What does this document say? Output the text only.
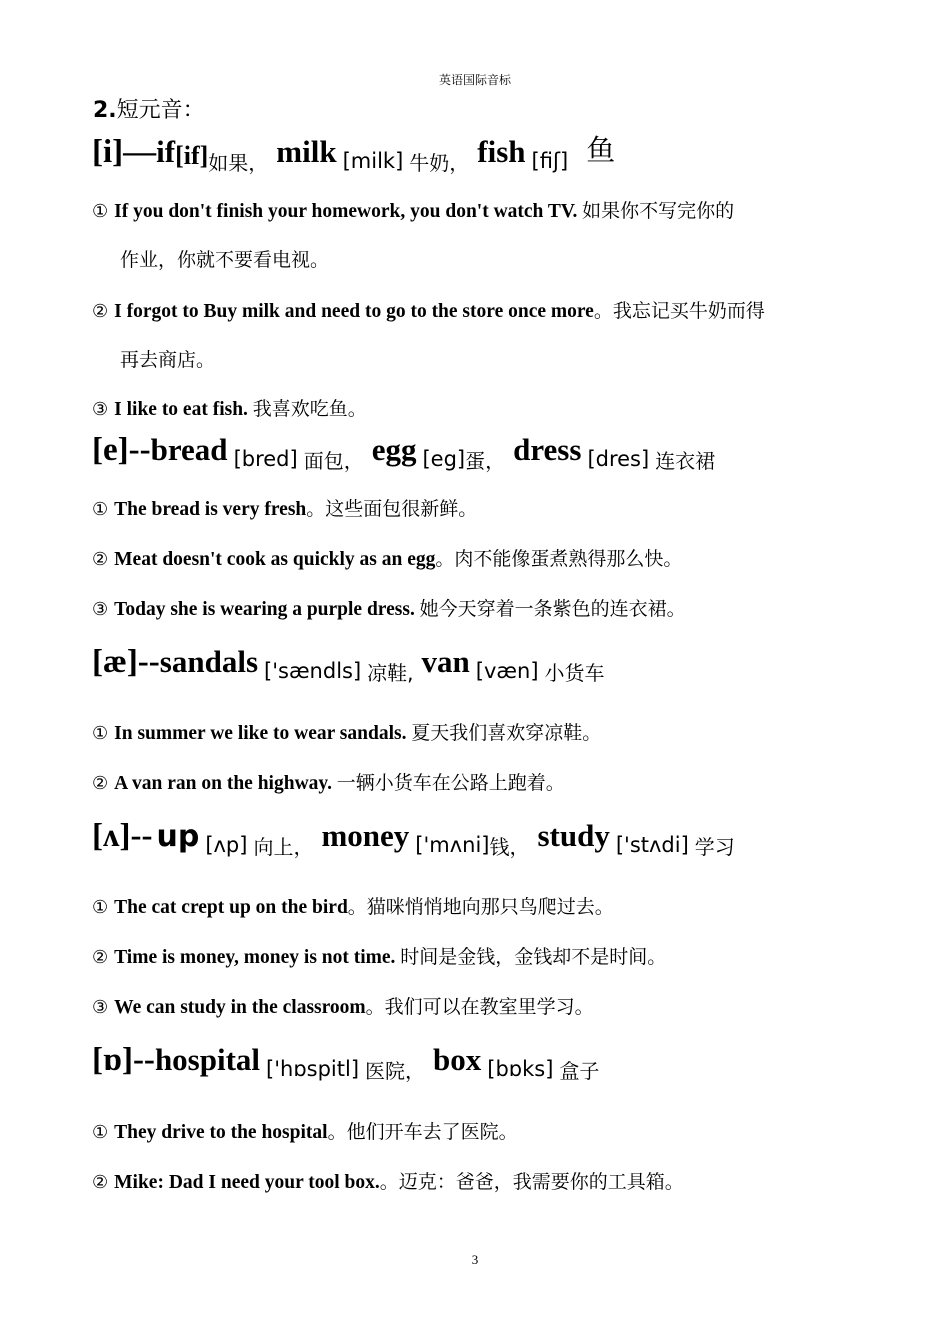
英语国际音标
2.短元音：
[i]—if[if]如果， milk [milk] 牛奶， fish [fiʃ] 鱼
① If you don't finish your homework, you don't watch TV. 如果你不写完你的
作业，你就不要看电视。
② I forgot to Buy milk and need to go to the store once more。我忘记买牛奶而得
再去商店。
③ I like to eat fish. 我喜欢吃鱼。
[e]--bread [bred] 面包， egg [eg]蛋， dress [dres] 连衣裙
① The bread is very fresh。这些面包很新鲜。
② Meat doesn't cook as quickly as an egg。肉不能像蛋煮熟得那么快。
③ Today she is wearing a purple dress. 她今天穿着一条紫色的连衣裙。
[æ]--sandals ['sændls] 凉鞋, van [væn] 小货车
① In summer we like to wear sandals. 夏天我们喜欢穿凉鞋。
② A van ran on the highway. 一辆小货车在公路上跑着。
[ʌ]-- up [ʌp] 向上， money ['mʌni]钱， study ['stʌdi] 学习
① The cat crept up on the bird。猫咪悄悄地向那只鸟爬过去。
② Time is money, money is not time. 时间是金钱，金钱却不是时间。
③ We can study in the classroom。我们可以在教室里学习。
[ɒ]--hospital ['hɒspitl] 医院， box [bɒks] 盒子
① They drive to the hospital。他们开车去了医院。
② Mike: Dad I need your tool box.。迈克：爸爸，我需要你的工具箱。
3
